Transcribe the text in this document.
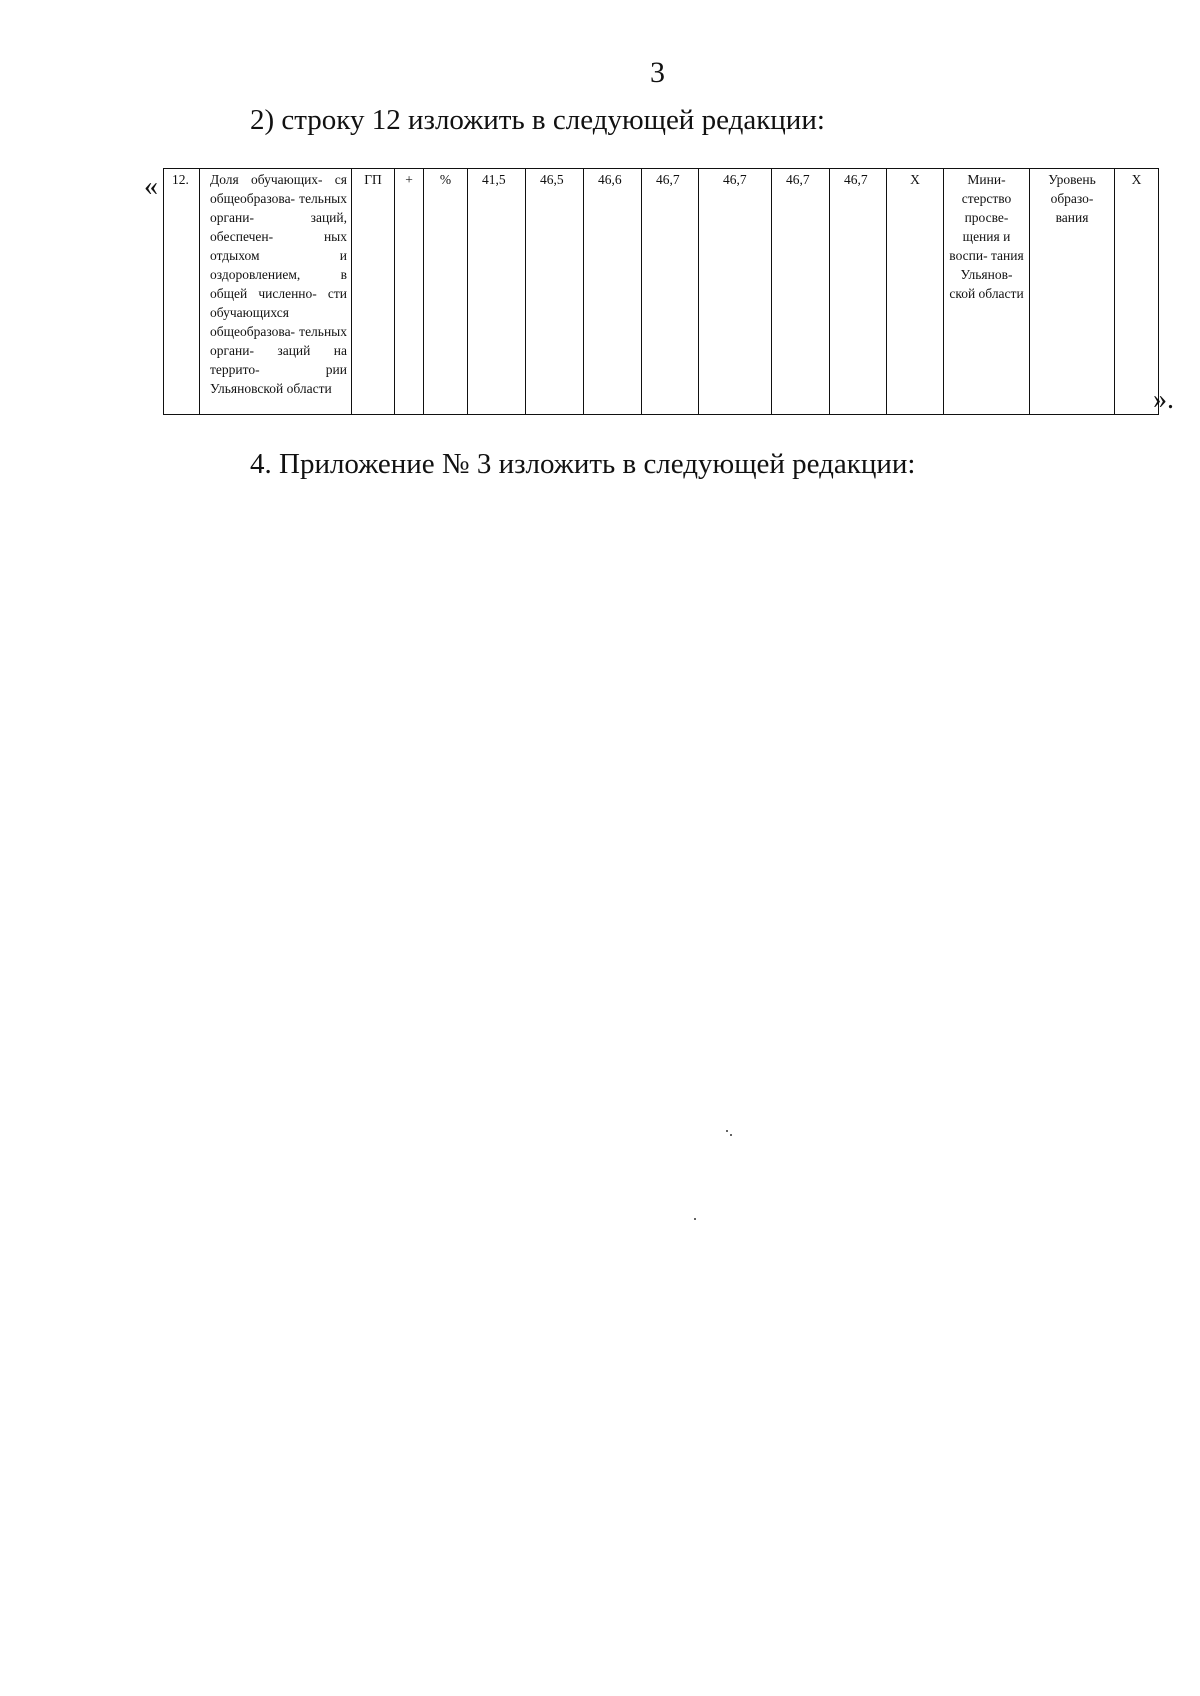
3
2) строку 12 изложить в следующей редакции:
« 12.	Доля обучающих- ся общеобразова- тельных органи- заций, обеспечен- ных отдыхом и оздоровлением, в общей численно- сти обучающихся общеобразова- тельных органи- заций на террито- рии Ульяновской области	ГП	+	%	41,5	46,5	46,6	46,7	46,7	46,7	46,7	Х	Мини- стерство просве- щения и воспи- тания Ульянов- ской области	Уровень образо- вания	Х
».
4. Приложение № 3 изложить в следующей редакции:
